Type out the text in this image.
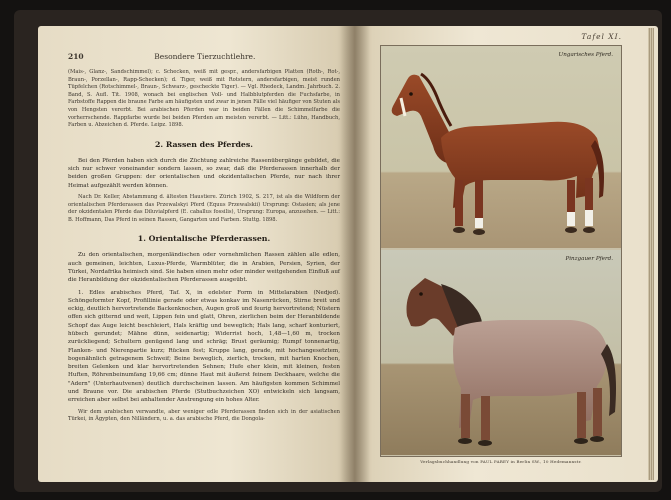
210	Besondere Tierzuchtlehre.

(Mais-, Glanz-, Sandschimmel); c. Schecken, weiß mit gespr., andersfarbigen Platten (Roth-, Rot-, Braun-, Porzellan-, Rapp-Schecken); d. Tiger, weiß mit Rotstern, andersfarbigen, meist runden Tüpfelchen (Rotschimmel-, Braun-, Schwarz-, gescheckte Tiger). — Vgl. Rhedeck, Landm. Jahrbuch. 2. Band, S. Aufl. Tit. 1908, wonach bei englischen Voll- und Halbblutpferden die Fuchsfarbe, in Farbstoffe Rappen die braune Farbe am häufigsten und zwar in jenen Fälle viel häufiger von Stuten als von Hengsten vererbt. Bei arabischen Pferden war in beiden Fällen die Schimmelfarbe die vorherrschende. Rappfarbe wurde bei beiden Pferden am meisten vererbt. — Litt.: Lühn, Handbuch, Farben u. Abzeichen d. Pferde. Leipz. 1898.

2. Rassen des Pferdes.

Bei den Pferden haben sich durch die Züchtung zahlreiche Rassenübergänge gebildet, die sich nur schwer voneinander sondern lassen, so zwar, daß die Pferderassen innerhalb der beiden großen Gruppen: der orientalischen und okzidentalischen Pferde, nur nach ihrer Heimat aufgezählt werden können.

Nach Dr. Keller, Abstammung d. ältesten Haustiere. Zürich 1902, S. 217, ist als die Wildform der orientalischen Pferderassen das Przewalskyi Pferd (Equus Przewalskii) Ursprung: Ostasien; als jene der okzidentalen Pferde das Diluvialpferd (E. caballus fossilis), Ursprung: Europa, anzusehen. — Litt.: B. Hoffmann, Das Pferd in seinen Rassen, Gangarten und Farben. Stuttg. 1898.

1. Orientalische Pferderassen.

Zu den orientalischen, morgenländischen oder vornehmlichen Rassen zählen alle edlen, auch gemeinen, leichten, Luxus-Pferde, Warmblüter, die in Arabien, Persien, Syrien, der Türkei, Nordafrika heimisch sind. Sie haben einen mehr oder minder weitgehenden Einfluß auf die Heranbildung der okzidentalischen Pferderassen ausgeübt.

1. Edles arabisches Pferd, Taf. X, in edelster Form in Mittelarabien (Nedjed). Schöngeformter Kopf, Profillinie gerade oder etwas konkav im Nasenrücken, Stirne breit und eckig, deutlich hervortretende Backenknochen, Augen groß und feurig hervortretend; Nüstern offen sich gitternd und weit, Lippen fein und glatt, Ohren, zierlichen beim der Heranbildende Schopf das Auge leicht beschleiert, Hals kräftig und beweglich; Hals lang, scharf konturiert, hübsch gerundet; Mähne dünn, seidenartig; Widerrist hoch, 1,48—1,60 m, trocken zurückliegend; Schultern genügend lang und schräg; Brust geräumig; Rumpf tonnenartig, Flanken- und Nierenpartie kurz; Rücken fest; Kruppe lang, gerade, mit hochangesetztem, bogenähnlich getragenem Schweif; Beine beweglich, zierlich, trocken, mit harten Knochen, breiten Gelenken und klar hervortretenden Sehnen; Hufe eher klein, mit kleinen, festen Huften, Röhrenbeinumfang 19,66 cm; dünne Haut mit äußerst feinem Deckhaare, welche die "Adern" (Unterhautvenen) deutlich durchscheinen lassen. Am häufigsten kommen Schimmel und Braune vor. Die arabischen Pferde (Stutbuchzeichen XO) entwickeln sich langsam, erreichen aber selbst bei anhaltender Anstrengung ein hohes Alter.

Wir dem arabischen verwandte, aber weniger edle Pferderassen finden sich in der asiatischen Türkei, in Ägypten, den Nilländern, u. a. das arabische Pferd, die Dongola-

Tafel XI.
Ungarisches Pferd.
Pinzgauer Pferd.
Verlagsbuchhandlung von PAUL PAREY in Berlin SW., 10 Hedemannstr.
